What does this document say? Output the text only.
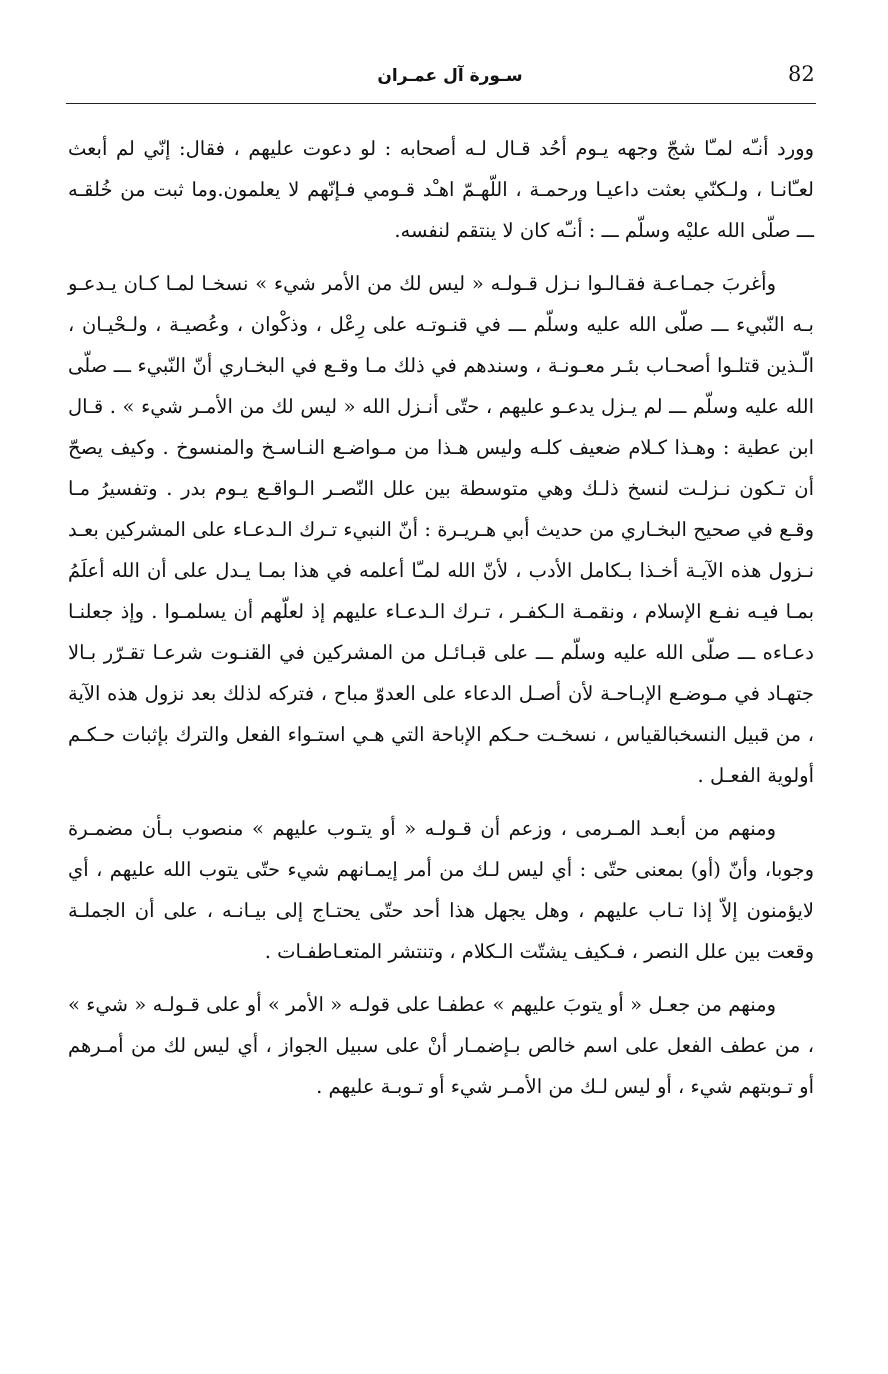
82
سـورة آل عمـران

وورد أنـّه لمـّا شجّ وجهه يـوم أحُد قـال لـه أصحابه : لو دعوت عليهم ، فقال: إنّي لم أبعث لعـّانـا ، ولـكنّي بعثت داعيـا ورحمـة ، اللّهـمّ اهـْد قـومي فـإنّهم لا يعلمون.وما ثبت من خُلقـه ـــ صلّى الله عليْه وسلّم ـــ : أنـّه كان لا ينتقم لنفسه.

وأغربَ جمـاعـة فقـالـوا نـزل قـولـه « ليس لك من الأمر شيء » نسخـا لمـا كـان يـدعـو بـه النّبيء ـــ صلّى الله عليه وسلّم ـــ في قنـوتـه على رِعْل ، وذكْوان ، وعُصيـة ، ولـحْيـان ، الّـذين قتلـوا أصحـاب بئـر معـونـة ، وسندهم في ذلك مـا وقـع في البخـاري أنّ النّبيء ـــ صلّى الله عليه وسلّم ـــ لم يـزل يدعـو عليهم ، حتّى أنـزل الله « ليس لك من الأمـر شيء » . قـال ابن عطية : وهـذا كـلام ضعيف كلـه وليس هـذا من مـواضـع النـاسـخ والمنسوخ . وكيف يصحّ أن تـكون نـزلـت لنسخ ذلـك وهي متوسطة بين علل النّصـر الـواقـع يـوم بدر . وتفسيرُ مـا وقـع في صحيح البخـاري من حديث أبي هـريـرة : أنّ النبيء تـرك الـدعـاء على المشركين بعـد نـزول هذه الآيـة أخـذا بـكامل الأدب ، لأنّ الله لمـّا أعلمه في هذا بمـا يـدل على أن الله أعلَمُ بمـا فيـه نفـع الإسلام ، ونقمـة الـكفـر ، تـرك الـدعـاء عليهم إذ لعلّهم أن يسلمـوا . وإذ جعلنـا دعـاءه ـــ صلّى الله عليه وسلّم ـــ على قبـائـل من المشركين في القنـوت شرعـا تقـرّر بـالا جتهـاد في مـوضـع الإبـاحـة لأن أصـل الدعاء على العدوّ مباح ، فتركه لذلك بعد نزول هذه الآية ، من قبيل النسخبالقياس ، نسخـت حـكم الإباحة التي هـي استـواء الفعل والترك بإثبات حـكـم أولوية الفعـل .

ومنهم من أبعـد المـرمى ، وزعم أن قـولـه « أو يتـوب عليهم » منصوب بـأن مضمـرة وجوبا، وأنّ (أو) بمعنى حتّى : أي ليس لـك من أمر إيمـانهم شيء حتّى يتوب الله عليهم ، أي لايؤمنون إلاّ إذا تـاب عليهم ، وهل يجهل هذا أحد حتّى يحتـاج إلى بيـانـه ، على أن الجملـة وقعت بين علل النصر ، فـكيف يشتّت الـكلام ، وتنتشر المتعـاطفـات .

ومنهم من جعـل « أو يتوبَ عليهم » عطفـا على قولـه « الأمر » أو على قـولـه « شيء » ، من عطف الفعل على اسم خالص بـإضمـار أنْ على سبيل الجواز ، أي ليس لك من أمـرهم أو تـوبتهم شيء ، أو ليس لـك من الأمـر شيء أو تـوبـة عليهم .
